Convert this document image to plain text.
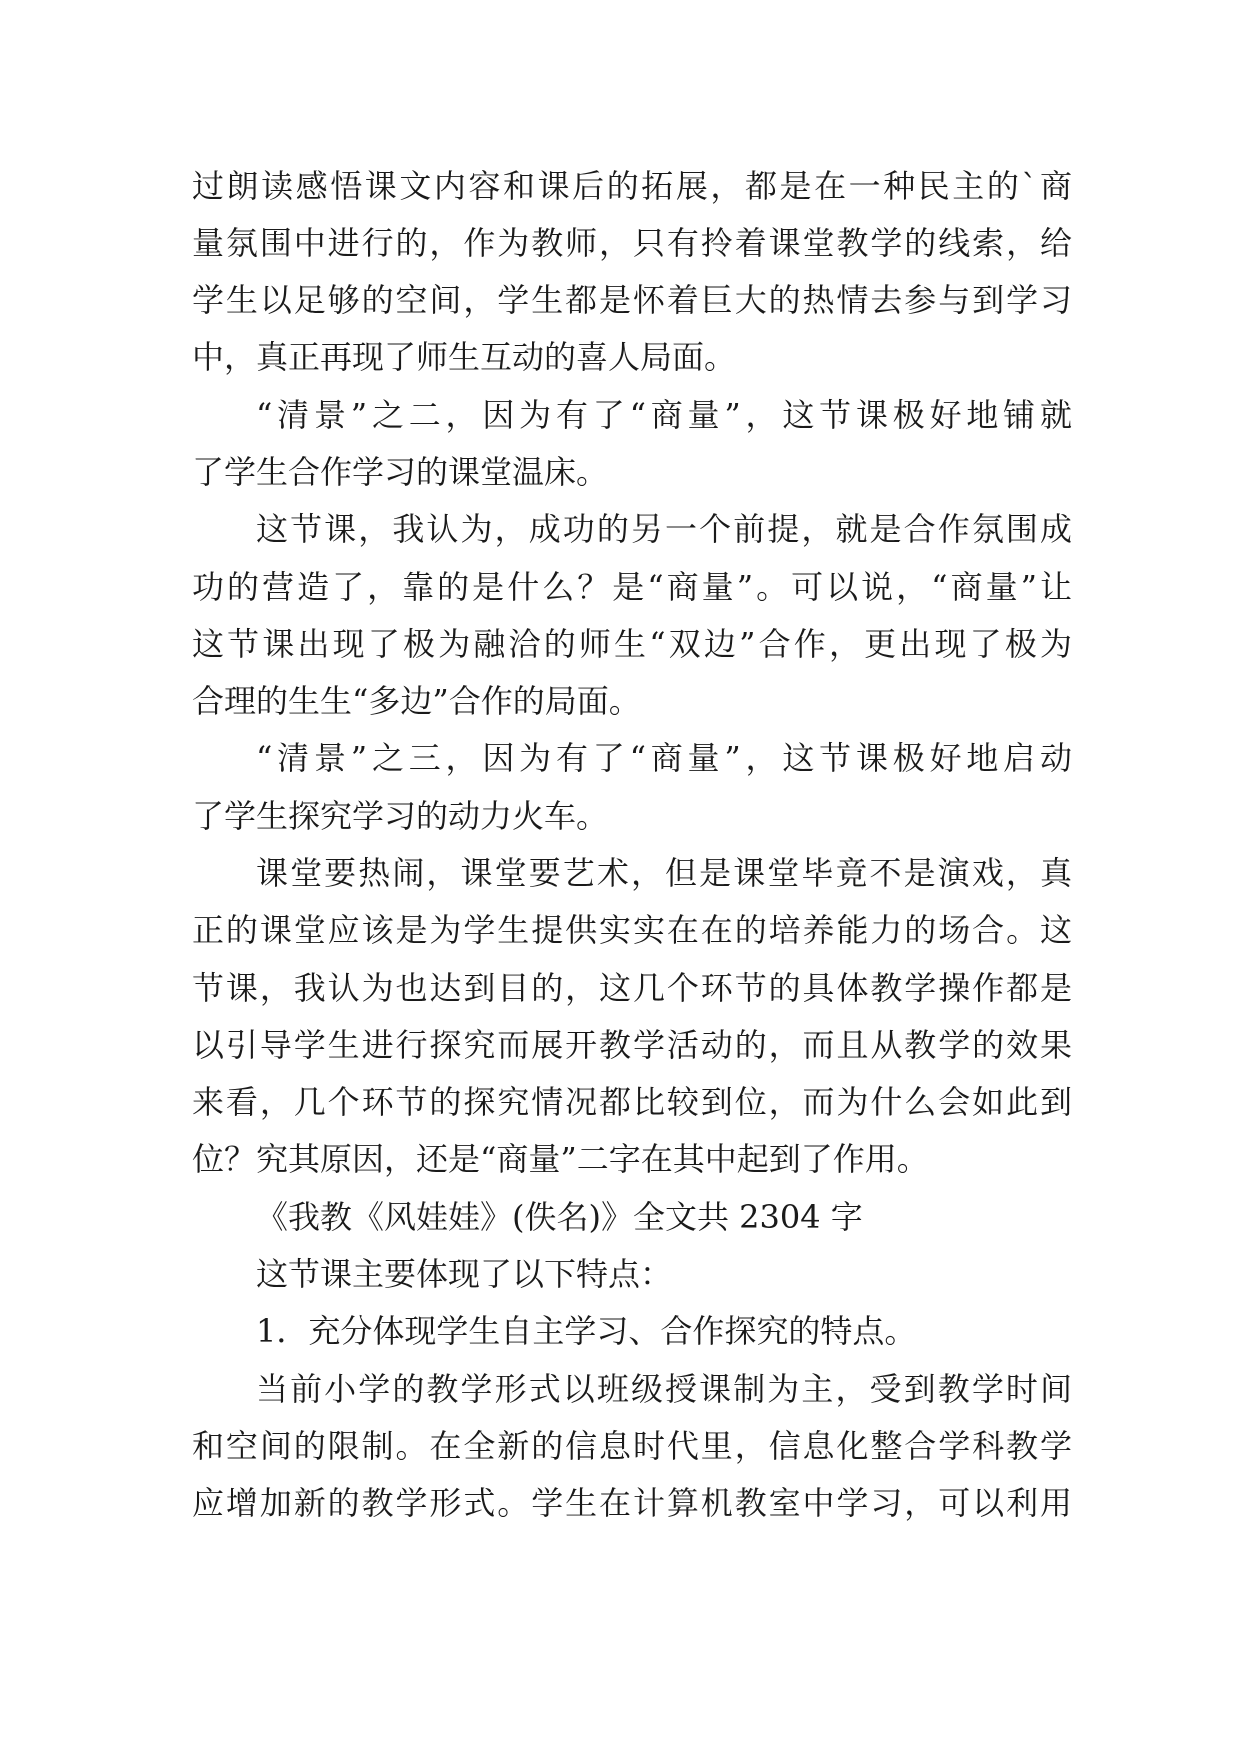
过朗读感悟课文内容和课后的拓展，都是在一种民主的`商
量氛围中进行的，作为教师，只有拎着课堂教学的线索，给
学生以足够的空间，学生都是怀着巨大的热情去参与到学习
中，真正再现了师生互动的喜人局面。
“清景”之二，因为有了“商量”，这节课极好地铺就
了学生合作学习的课堂温床。
这节课，我认为，成功的另一个前提，就是合作氛围成
功的营造了，靠的是什么？是“商量”。可以说，“商量”让
这节课出现了极为融洽的师生“双边”合作，更出现了极为
合理的生生“多边”合作的局面。
“清景”之三，因为有了“商量”，这节课极好地启动
了学生探究学习的动力火车。
课堂要热闹，课堂要艺术，但是课堂毕竟不是演戏，真
正的课堂应该是为学生提供实实在在的培养能力的场合。这
节课，我认为也达到目的，这几个环节的具体教学操作都是
以引导学生进行探究而展开教学活动的，而且从教学的效果
来看，几个环节的探究情况都比较到位，而为什么会如此到
位？究其原因，还是“商量”二字在其中起到了作用。
《我教《风娃娃》(佚名)》全文共 2304 字
这节课主要体现了以下特点：
1．充分体现学生自主学习、合作探究的特点。
当前小学的教学形式以班级授课制为主，受到教学时间
和空间的限制。在全新的信息时代里，信息化整合学科教学
应增加新的教学形式。学生在计算机教室中学习，可以利用
